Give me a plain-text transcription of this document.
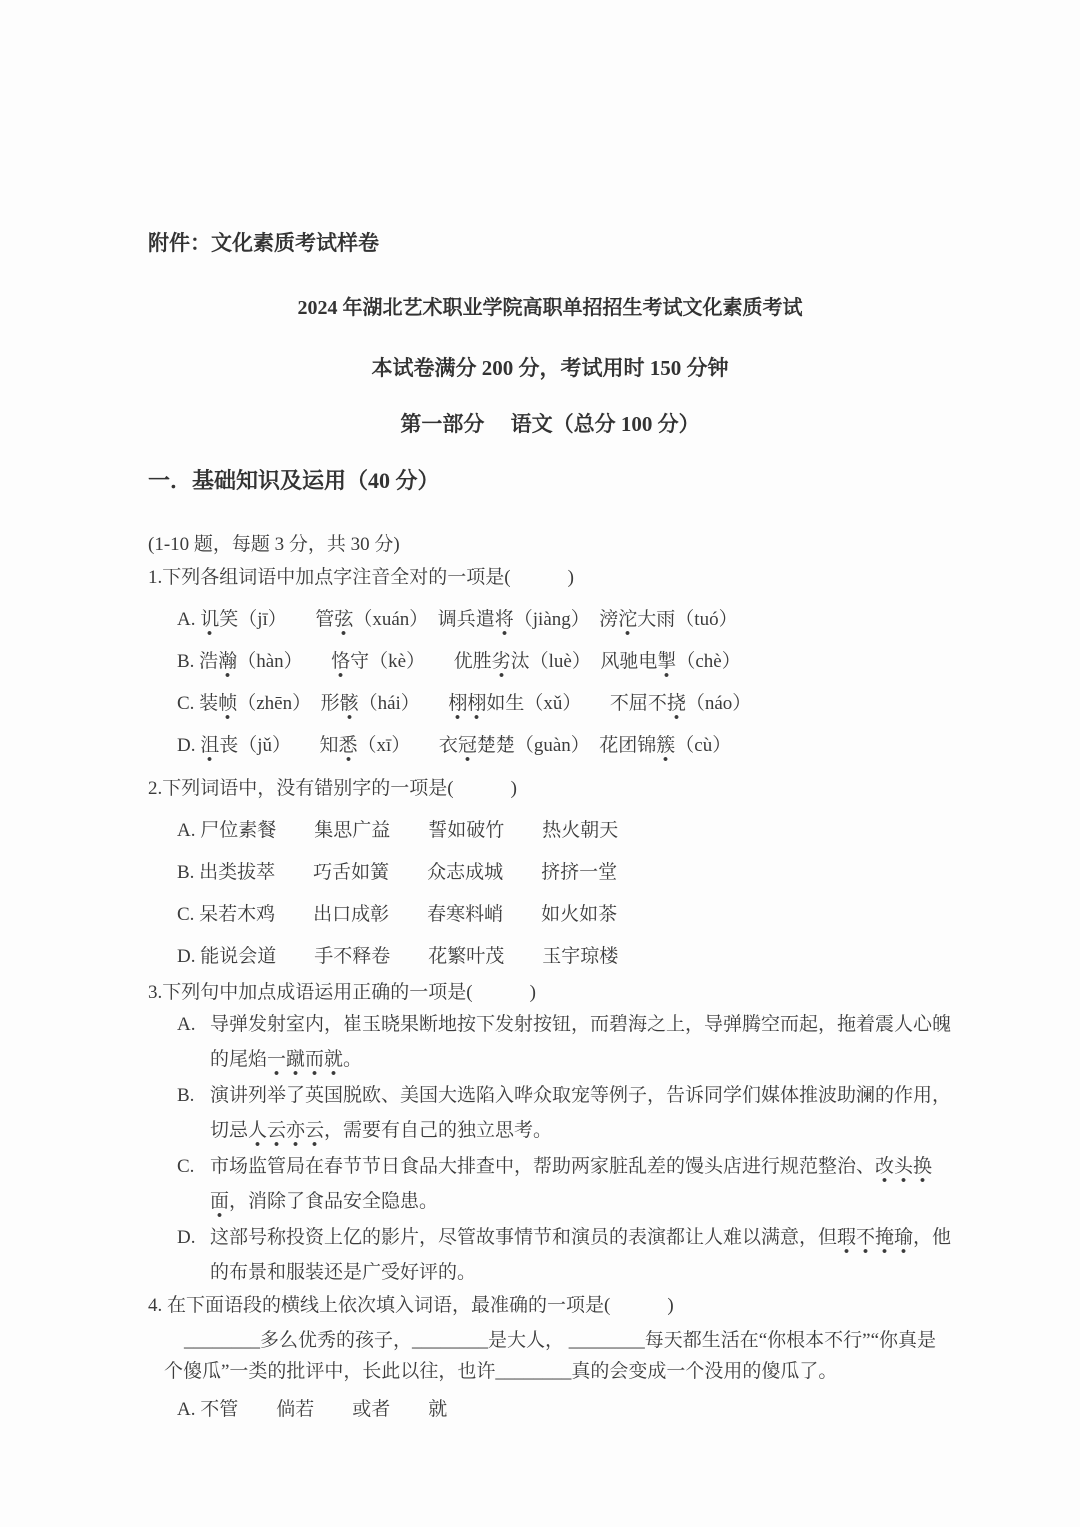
附件：文化素质考试样卷
2024 年湖北艺术职业学院高职单招招生考试文化素质考试
本试卷满分 200 分，考试用时 150 分钟
第一部分　 语文（总分 100 分）
一．基础知识及运用（40 分）
(1-10 题，每题 3 分，共 30 分)
1.下列各组词语中加点字注音全对的一项是(　　　)
A. 讥笑（jī）　　管弦（xuán）　调兵遣将（jiàng）　滂沱大雨（tuó）
B. 浩瀚（hàn）　　恪守（kè）　　优胜劣汰（luè）　风驰电掣（chè）
C. 装帧（zhēn）　形骸（hái）　　栩栩如生（xǔ）　　不屈不挠（náo）
D. 沮丧（jǔ）　　知悉（xī）　　衣冠楚楚（guàn）　花团锦簇（cù）
2.下列词语中，没有错别字的一项是(　　　)
A. 尸位素餐　　集思广益　　誓如破竹　　热火朝天
B. 出类拔萃　　巧舌如簧　　众志成城　　挤挤一堂
C. 呆若木鸡　　出口成彰　　春寒料峭　　如火如茶
D. 能说会道　　手不释卷　　花繁叶茂　　玉宇琼楼
3.下列句中加点成语运用正确的一项是(　　　)
A. 导弹发射室内，崔玉晓果断地按下发射按钮，而碧海之上，导弹腾空而起，拖着震人心魄的尾焰一蹴而就。
B. 演讲列举了英国脱欧、美国大选陷入哗众取宠等例子，告诉同学们媒体推波助澜的作用，切忌人云亦云，需要有自己的独立思考。
C. 市场监管局在春节节日食品大排查中，帮助两家脏乱差的馒头店进行规范整治、改头换面，消除了食品安全隐患。
D. 这部号称投资上亿的影片，尽管故事情节和演员的表演都让人难以满意，但瑕不掩瑜，他的布景和服装还是广受好评的。
4. 在下面语段的横线上依次填入词语，最准确的一项是(　　　)
________多么优秀的孩子，________是大人， ________每天都生活在“你根本不行”“你真是个傻瓜”一类的批评中，长此以往，也许________真的会变成一个没用的傻瓜了。
A. 不管　　倘若　　或者　　就
